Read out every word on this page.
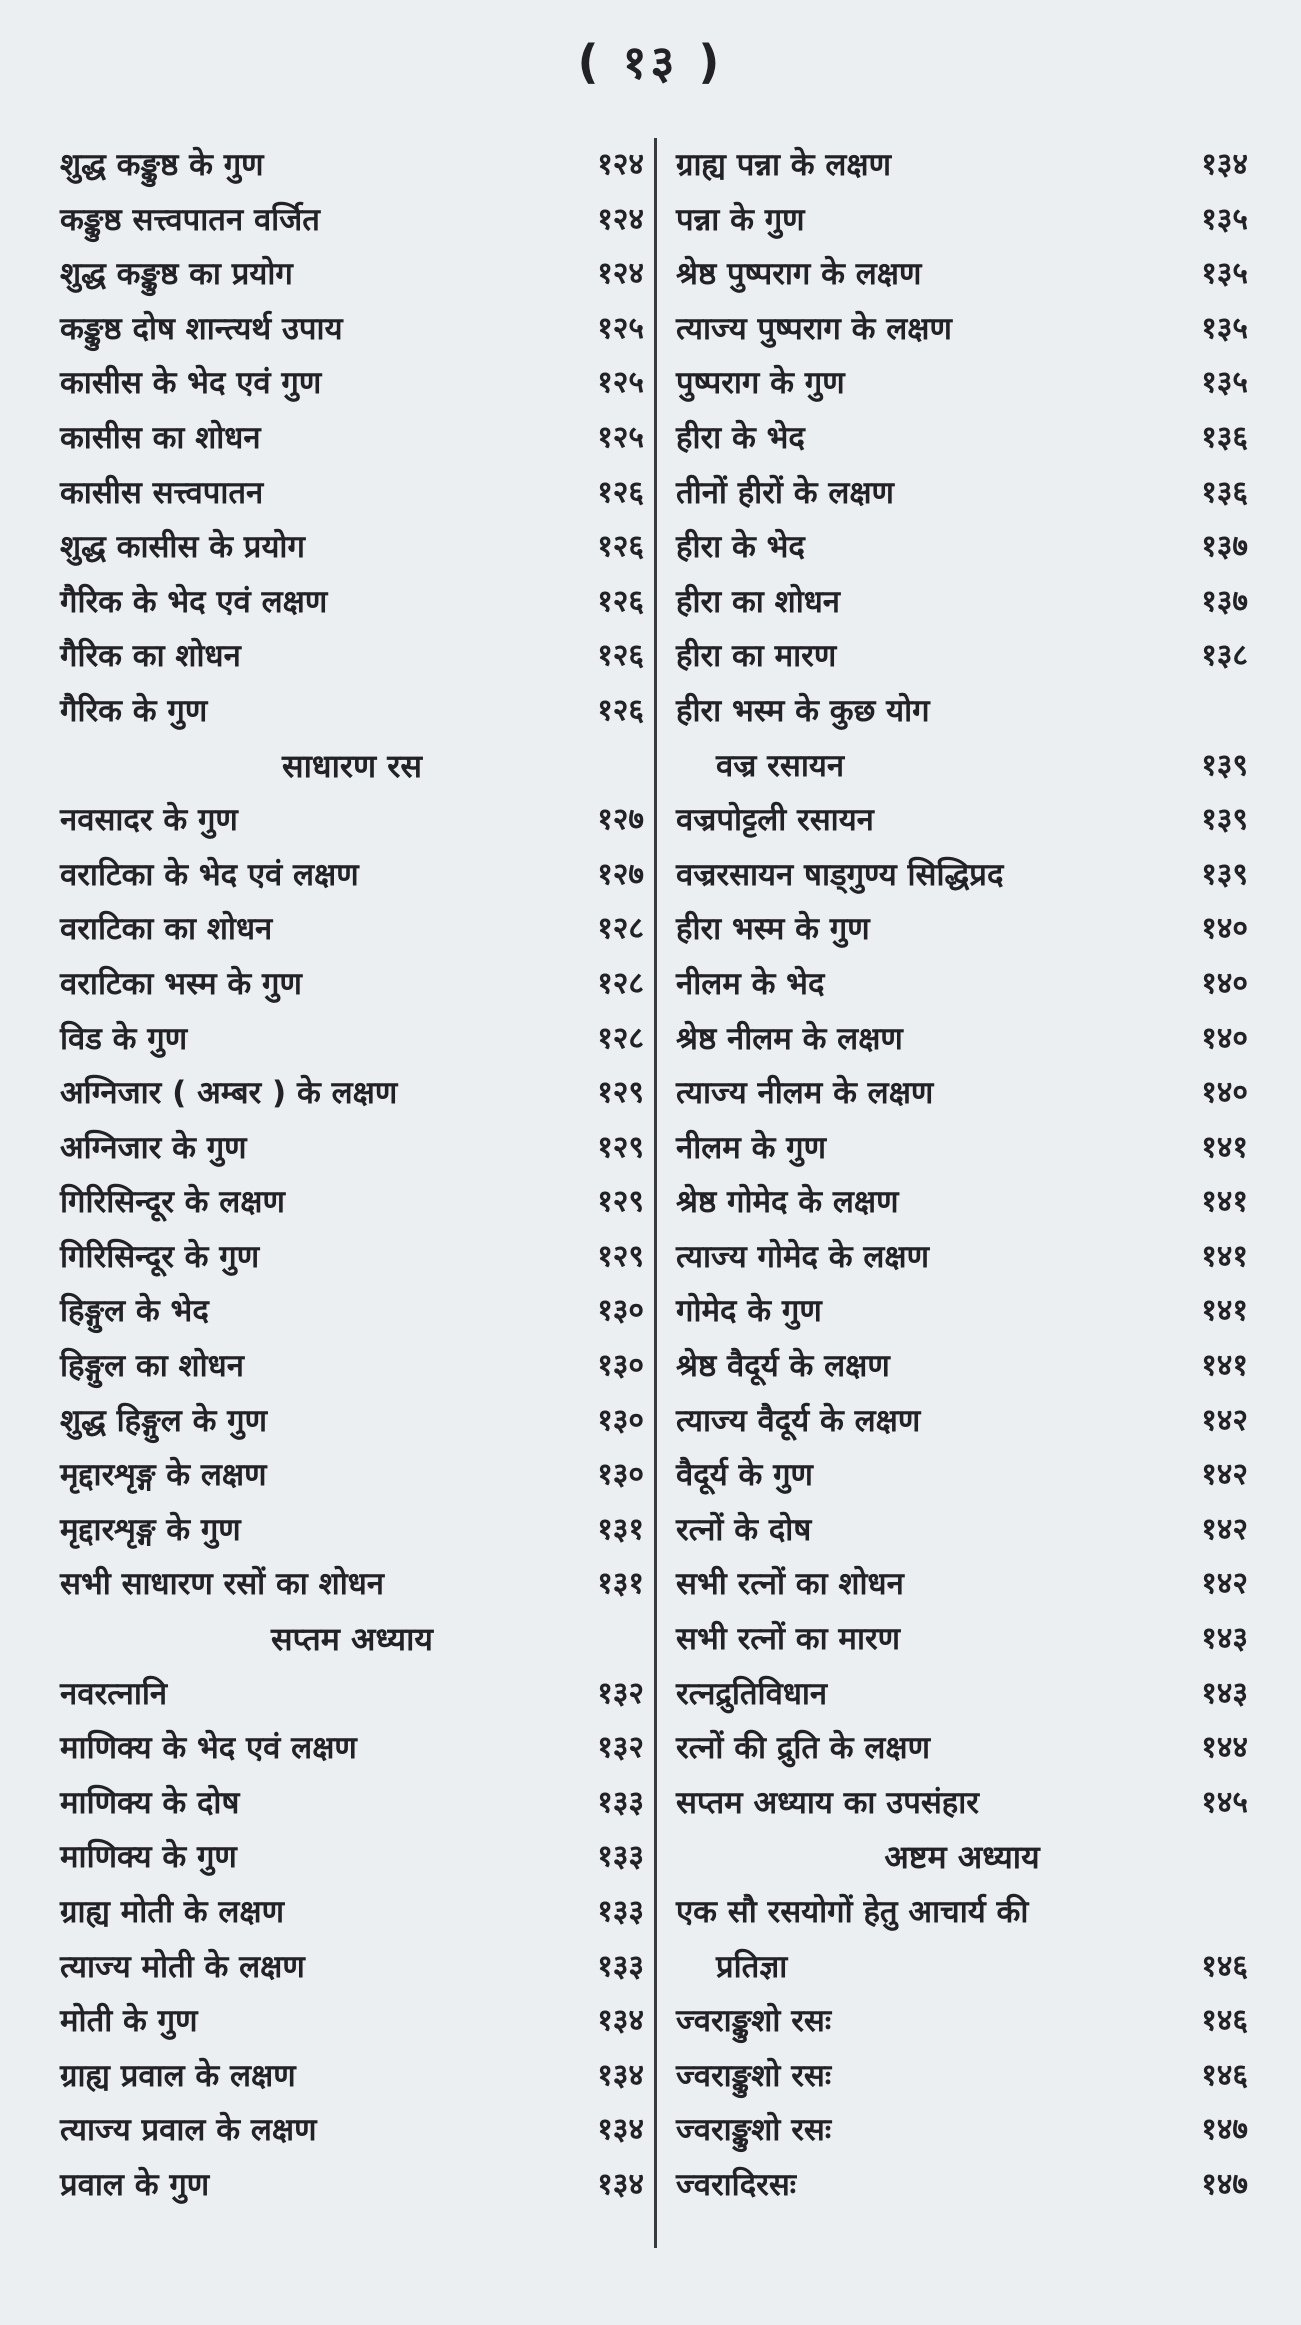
( १३ )
शुद्ध कङ्कुष्ठ के गुण	१२४
कङ्कुष्ठ सत्त्वपातन वर्जित	१२४
शुद्ध कङ्कुष्ठ का प्रयोग	१२४
कङ्कुष्ठ दोष शान्त्यर्थ उपाय	१२५
कासीस के भेद एवं गुण	१२५
कासीस का शोधन	१२५
कासीस सत्त्वपातन	१२६
शुद्ध कासीस के प्रयोग	१२६
गैरिक के भेद एवं लक्षण	१२६
गैरिक का शोधन	१२६
गैरिक के गुण	१२६
साधारण रस
नवसादर के गुण	१२७
वराटिका के भेद एवं लक्षण	१२७
वराटिका का शोधन	१२८
वराटिका भस्म के गुण	१२८
विड के गुण	१२८
अग्निजार ( अम्बर ) के लक्षण	१२९
अग्निजार के गुण	१२९
गिरिसिन्दूर के लक्षण	१२९
गिरिसिन्दूर के गुण	१२९
हिङ्गुल के भेद	१३०
हिङ्गुल का शोधन	१३०
शुद्ध हिङ्गुल के गुण	१३०
मृद्दारशृङ्ग के लक्षण	१३०
मृद्दारशृङ्ग के गुण	१३१
सभी साधारण रसों का शोधन	१३१
सप्तम अध्याय
नवरत्नानि	१३२
माणिक्य के भेद एवं लक्षण	१३२
माणिक्य के दोष	१३३
माणिक्य के गुण	१३३
ग्राह्य मोती के लक्षण	१३३
त्याज्य मोती के लक्षण	१३३
मोती के गुण	१३४
ग्राह्य प्रवाल के लक्षण	१३४
त्याज्य प्रवाल के लक्षण	१३४
प्रवाल के गुण	१३४
ग्राह्य पन्ना के लक्षण	१३४
पन्ना के गुण	१३५
श्रेष्ठ पुष्पराग के लक्षण	१३५
त्याज्य पुष्पराग के लक्षण	१३५
पुष्पराग के गुण	१३५
हीरा के भेद	१३६
तीनों हीरों के लक्षण	१३६
हीरा के भेद	१३७
हीरा का शोधन	१३७
हीरा का मारण	१३८
हीरा भस्म के कुछ योग
वज्र रसायन	१३९
वज्रपोट्टली रसायन	१३९
वज्ररसायन षाड्गुण्य सिद्धिप्रद	१३९
हीरा भस्म के गुण	१४०
नीलम के भेद	१४०
श्रेष्ठ नीलम के लक्षण	१४०
त्याज्य नीलम के लक्षण	१४०
नीलम के गुण	१४१
श्रेष्ठ गोमेद के लक्षण	१४१
त्याज्य गोमेद के लक्षण	१४१
गोमेद के गुण	१४१
श्रेष्ठ वैदूर्य के लक्षण	१४१
त्याज्य वैदूर्य के लक्षण	१४२
वैदूर्य के गुण	१४२
रत्नों के दोष	१४२
सभी रत्नों का शोधन	१४२
सभी रत्नों का मारण	१४३
रत्नद्रुतिविधान	१४३
रत्नों की द्रुति के लक्षण	१४४
सप्तम अध्याय का उपसंहार	१४५
अष्टम अध्याय
एक सौ रसयोगों हेतु आचार्य की
प्रतिज्ञा	१४६
ज्वराङ्कुशो रसः	१४६
ज्वराङ्कुशो रसः	१४६
ज्वराङ्कुशो रसः	१४७
ज्वरादिरसः	१४७
